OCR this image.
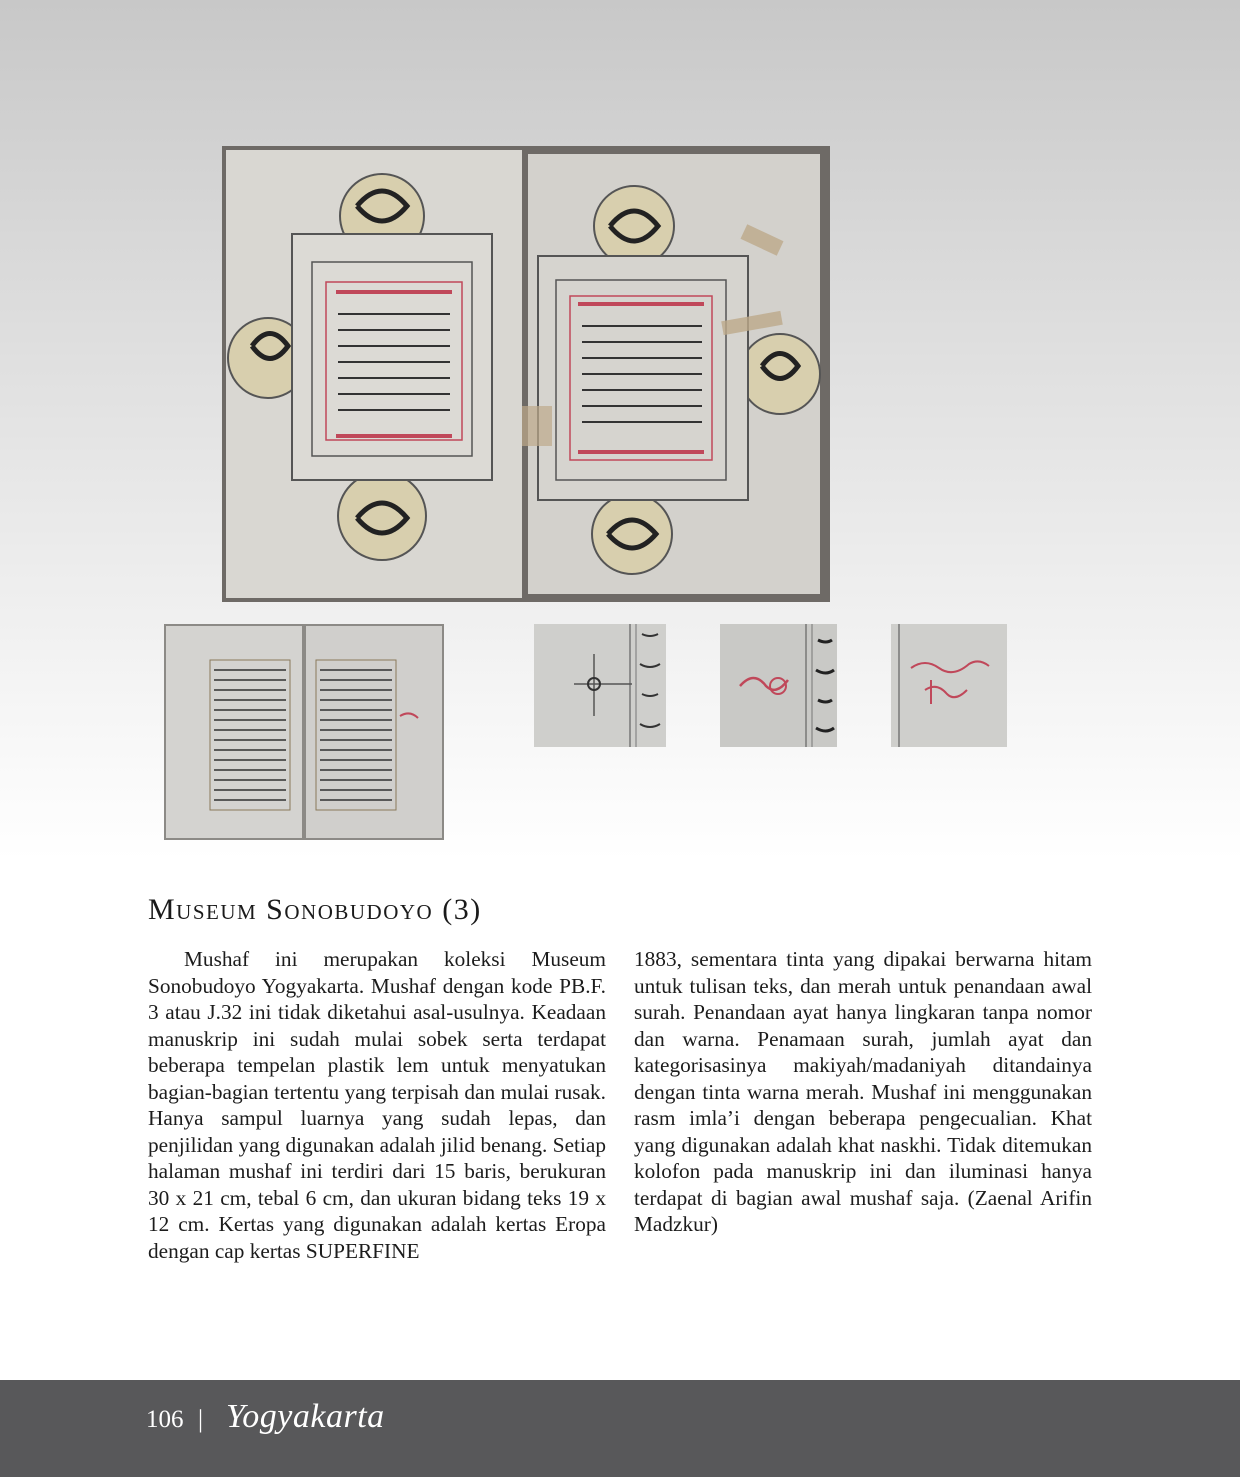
Museum Sonobudoyo (3)

Mushaf ini merupakan koleksi Museum Sonobudoyo Yogyakarta. Mushaf dengan kode PB.F. 3 atau J.32 ini tidak diketahui asal-usulnya. Keadaan manuskrip ini sudah mulai sobek serta terdapat beberapa tempelan plastik lem untuk menyatukan bagian-bagian tertentu yang terpisah dan mulai rusak. Hanya sampul luarnya yang sudah lepas, dan penjilidan yang digunakan adalah jilid benang. Setiap halaman mushaf ini terdiri dari 15 baris, berukuran 30 x 21 cm, tebal 6 cm, dan ukuran bidang teks 19 x 12 cm. Kertas yang digunakan adalah kertas Eropa dengan cap kertas SUPERFINE

1883, sementara tinta yang dipakai berwarna hitam untuk tulisan teks, dan merah untuk penandaan awal surah. Penandaan ayat hanya lingkaran tanpa nomor dan warna. Penamaan surah, jumlah ayat dan kategorisasinya makiyah/madaniyah ditandainya dengan tinta warna merah. Mushaf ini menggunakan rasm imla’i dengan beberapa pengecualian. Khat yang digunakan adalah khat naskhi. Tidak ditemukan kolofon pada manuskrip ini dan iluminasi hanya terdapat di bagian awal mushaf saja. (Zaenal Arifin Madzkur)

106 | Yogyakarta
